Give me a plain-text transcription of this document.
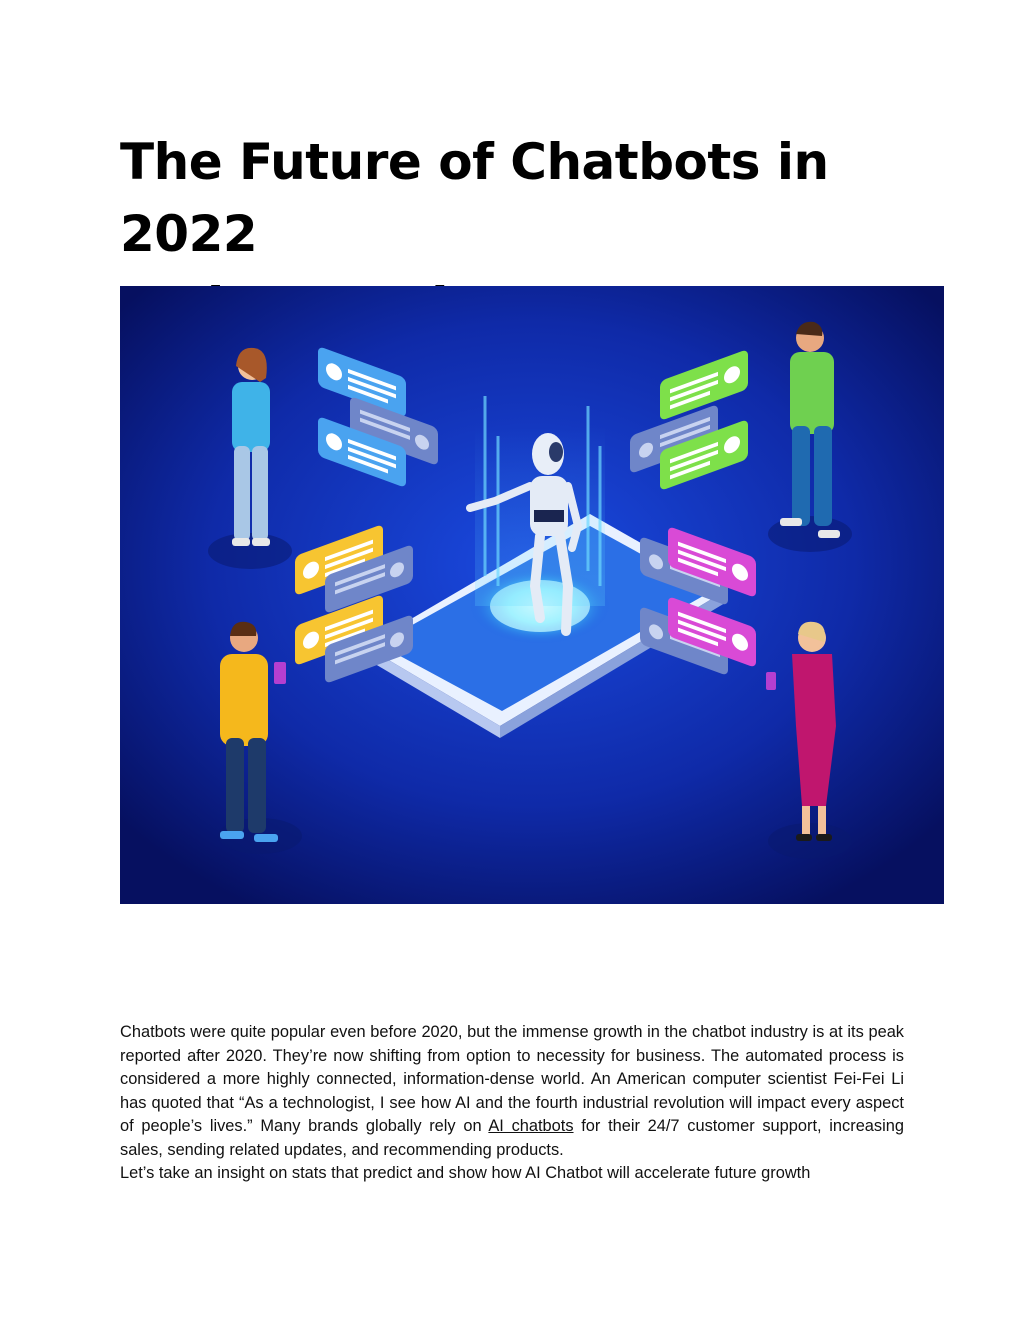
The Future of Chatbots in 2022

Chatbots were quite popular even before 2020, but the immense growth in the chatbot industry is at its peak reported after 2020. They’re now shifting from option to necessity for business. The automated process is considered a more highly connected, information-dense world. An American computer scientist Fei-Fei Li has quoted that “As a technologist, I see how AI and the fourth industrial revolution will impact every aspect of people’s lives.” Many brands globally rely on AI chatbots for their 24/7 customer support, increasing sales, sending related updates, and recommending products.
Let’s take an insight on stats that predict and show how AI Chatbot will accelerate future growth
